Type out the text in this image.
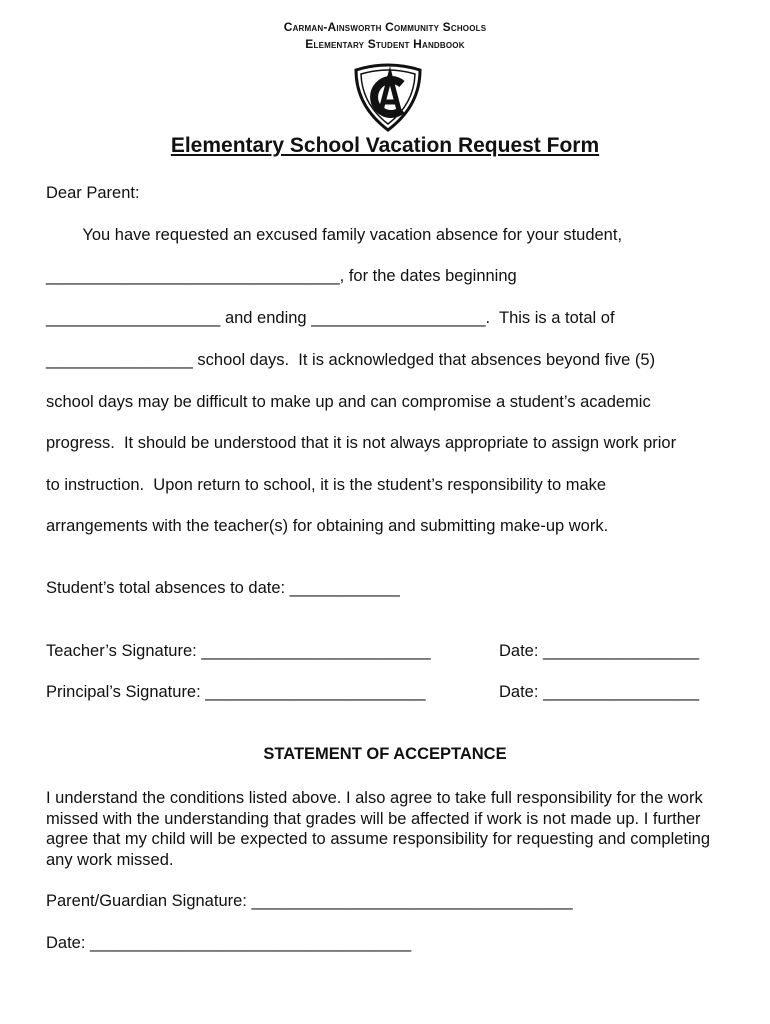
Carman-Ainsworth Community Schools
Elementary Student Handbook
Elementary School Vacation Request Form
Dear Parent:
You have requested an excused family vacation absence for your student,
________________________________, for the dates beginning
___________________ and ending ___________________.  This is a total of
________________ school days.  It is acknowledged that absences beyond five (5)
school days may be difficult to make up and can compromise a student’s academic
progress.  It should be understood that it is not always appropriate to assign work prior
to instruction.  Upon return to school, it is the student’s responsibility to make
arrangements with the teacher(s) for obtaining and submitting make-up work.
Student’s total absences to date: ____________
Teacher’s Signature: _________________________	Date: _________________
Principal’s Signature: ________________________	Date: _________________
STATEMENT OF ACCEPTANCE
I understand the conditions listed above. I also agree to take full responsibility for the work missed with the understanding that grades will be affected if work is not made up. I further agree that my child will be expected to assume responsibility for requesting and completing any work missed.
Parent/Guardian Signature: ___________________________________
Date: ___________________________________
